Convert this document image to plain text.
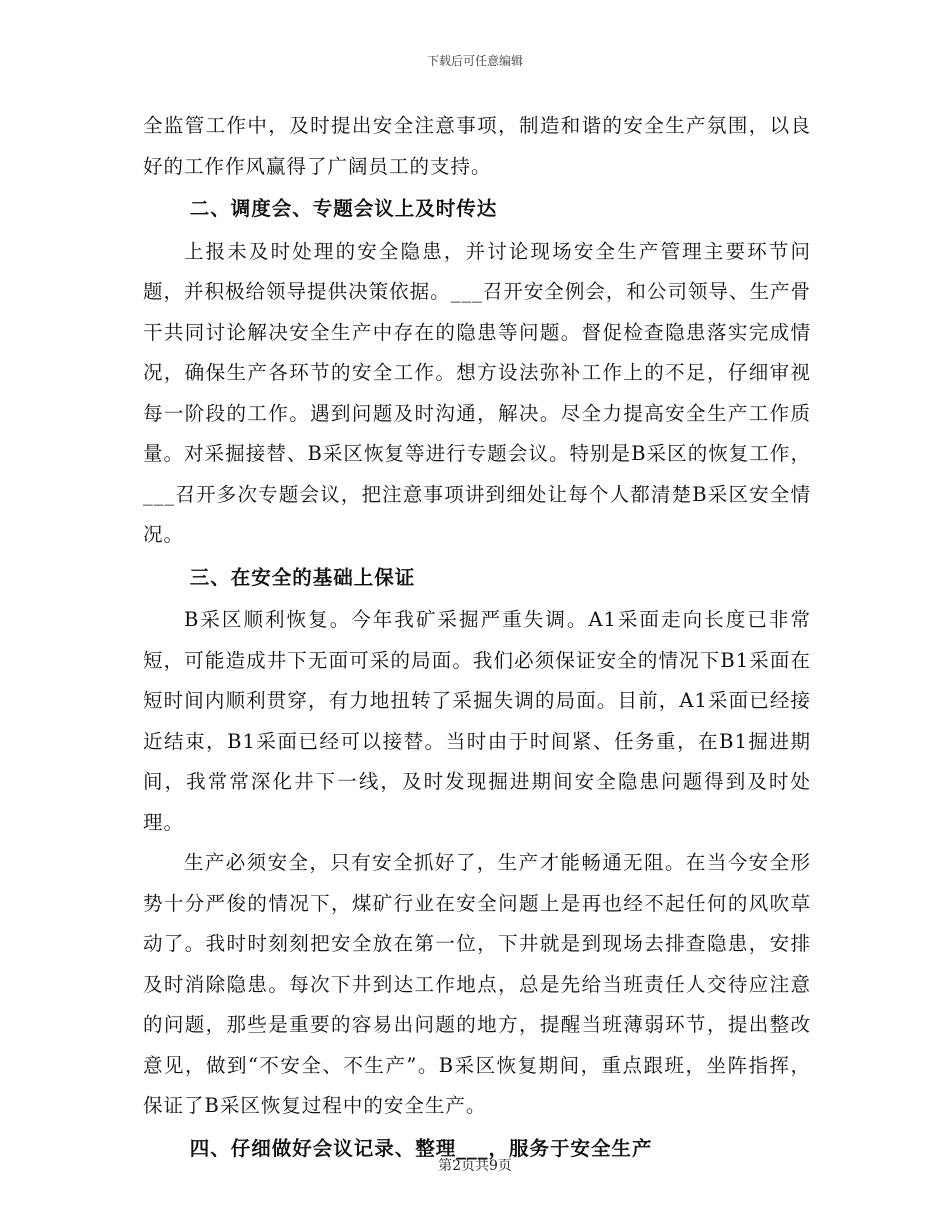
下载后可任意编辑

全监管工作中，及时提出安全注意事项，制造和谐的安全生产氛围，以良好的工作作风赢得了广阔员工的支持。

二、调度会、专题会议上及时传达

上报未及时处理的安全隐患，并讨论现场安全生产管理主要环节问题，并积极给领导提供决策依据。___召开安全例会，和公司领导、生产骨干共同讨论解决安全生产中存在的隐患等问题。督促检查隐患落实完成情况，确保生产各环节的安全工作。想方设法弥补工作上的不足，仔细审视每一阶段的工作。遇到问题及时沟通，解决。尽全力提高安全生产工作质量。对采掘接替、B采区恢复等进行专题会议。特别是B采区的恢复工作，___召开多次专题会议，把注意事项讲到细处让每个人都清楚B采区安全情况。

三、在安全的基础上保证

B采区顺利恢复。今年我矿采掘严重失调。A1采面走向长度已非常短，可能造成井下无面可采的局面。我们必须保证安全的情况下B1采面在短时间内顺利贯穿，有力地扭转了采掘失调的局面。目前，A1采面已经接近结束，B1采面已经可以接替。当时由于时间紧、任务重，在B1掘进期间，我常常深化井下一线，及时发现掘进期间安全隐患问题得到及时处理。

生产必须安全，只有安全抓好了，生产才能畅通无阻。在当今安全形势十分严俊的情况下，煤矿行业在安全问题上是再也经不起任何的风吹草动了。我时时刻刻把安全放在第一位，下井就是到现场去排查隐患，安排及时消除隐患。每次下井到达工作地点，总是先给当班责任人交待应注意的问题，那些是重要的容易出问题的地方，提醒当班薄弱环节，提出整改意见，做到“不安全、不生产”。B采区恢复期间，重点跟班，坐阵指挥，保证了B采区恢复过程中的安全生产。

四、仔细做好会议记录、整理___，服务于安全生产

第2页共9页
